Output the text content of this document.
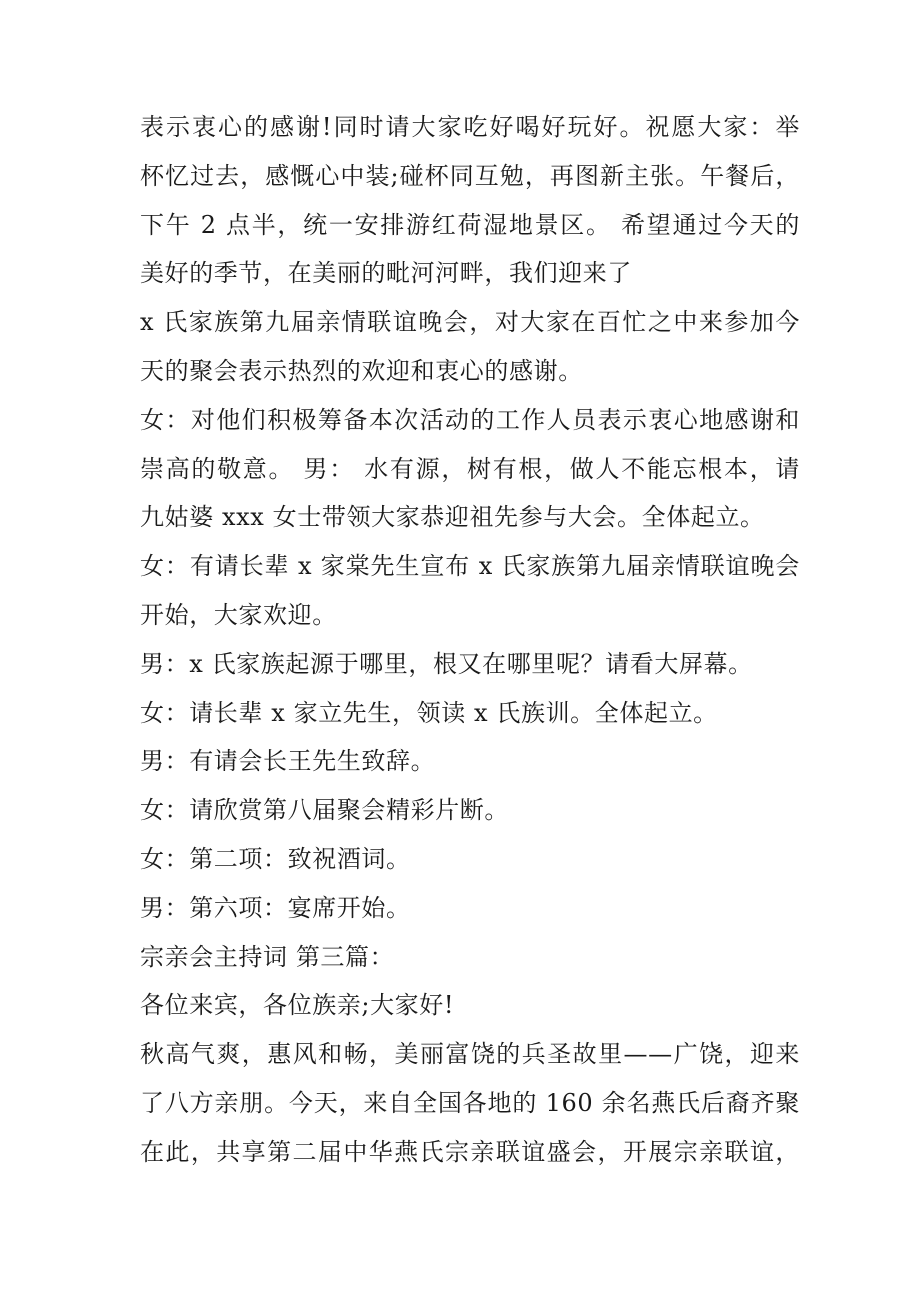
表示衷心的感谢!同时请大家吃好喝好玩好。祝愿大家：举
杯忆过去，感慨心中装;碰杯同互勉，再图新主张。午餐后，
下午 2 点半，统一安排游红荷湿地景区。 希望通过今天的
美好的季节，在美丽的毗河河畔，我们迎来了
x 氏家族第九届亲情联谊晚会，对大家在百忙之中来参加今
天的聚会表示热烈的欢迎和衷心的感谢。
女：对他们积极筹备本次活动的工作人员表示衷心地感谢和
崇高的敬意。 男： 水有源，树有根，做人不能忘根本，请
九姑婆 xxx 女士带领大家恭迎祖先参与大会。全体起立。
女：有请长辈 x 家棠先生宣布 x 氏家族第九届亲情联谊晚会
开始，大家欢迎。
男：x 氏家族起源于哪里，根又在哪里呢？请看大屏幕。
女：请长辈 x 家立先生，领读 x 氏族训。全体起立。
男：有请会长王先生致辞。
女：请欣赏第八届聚会精彩片断。
女：第二项：致祝酒词。
男：第六项：宴席开始。
宗亲会主持词 第三篇：
各位来宾，各位族亲;大家好!
秋高气爽，惠风和畅，美丽富饶的兵圣故里——广饶，迎来
了八方亲朋。今天，来自全国各地的 160 余名燕氏后裔齐聚
在此，共享第二届中华燕氏宗亲联谊盛会，开展宗亲联谊，
